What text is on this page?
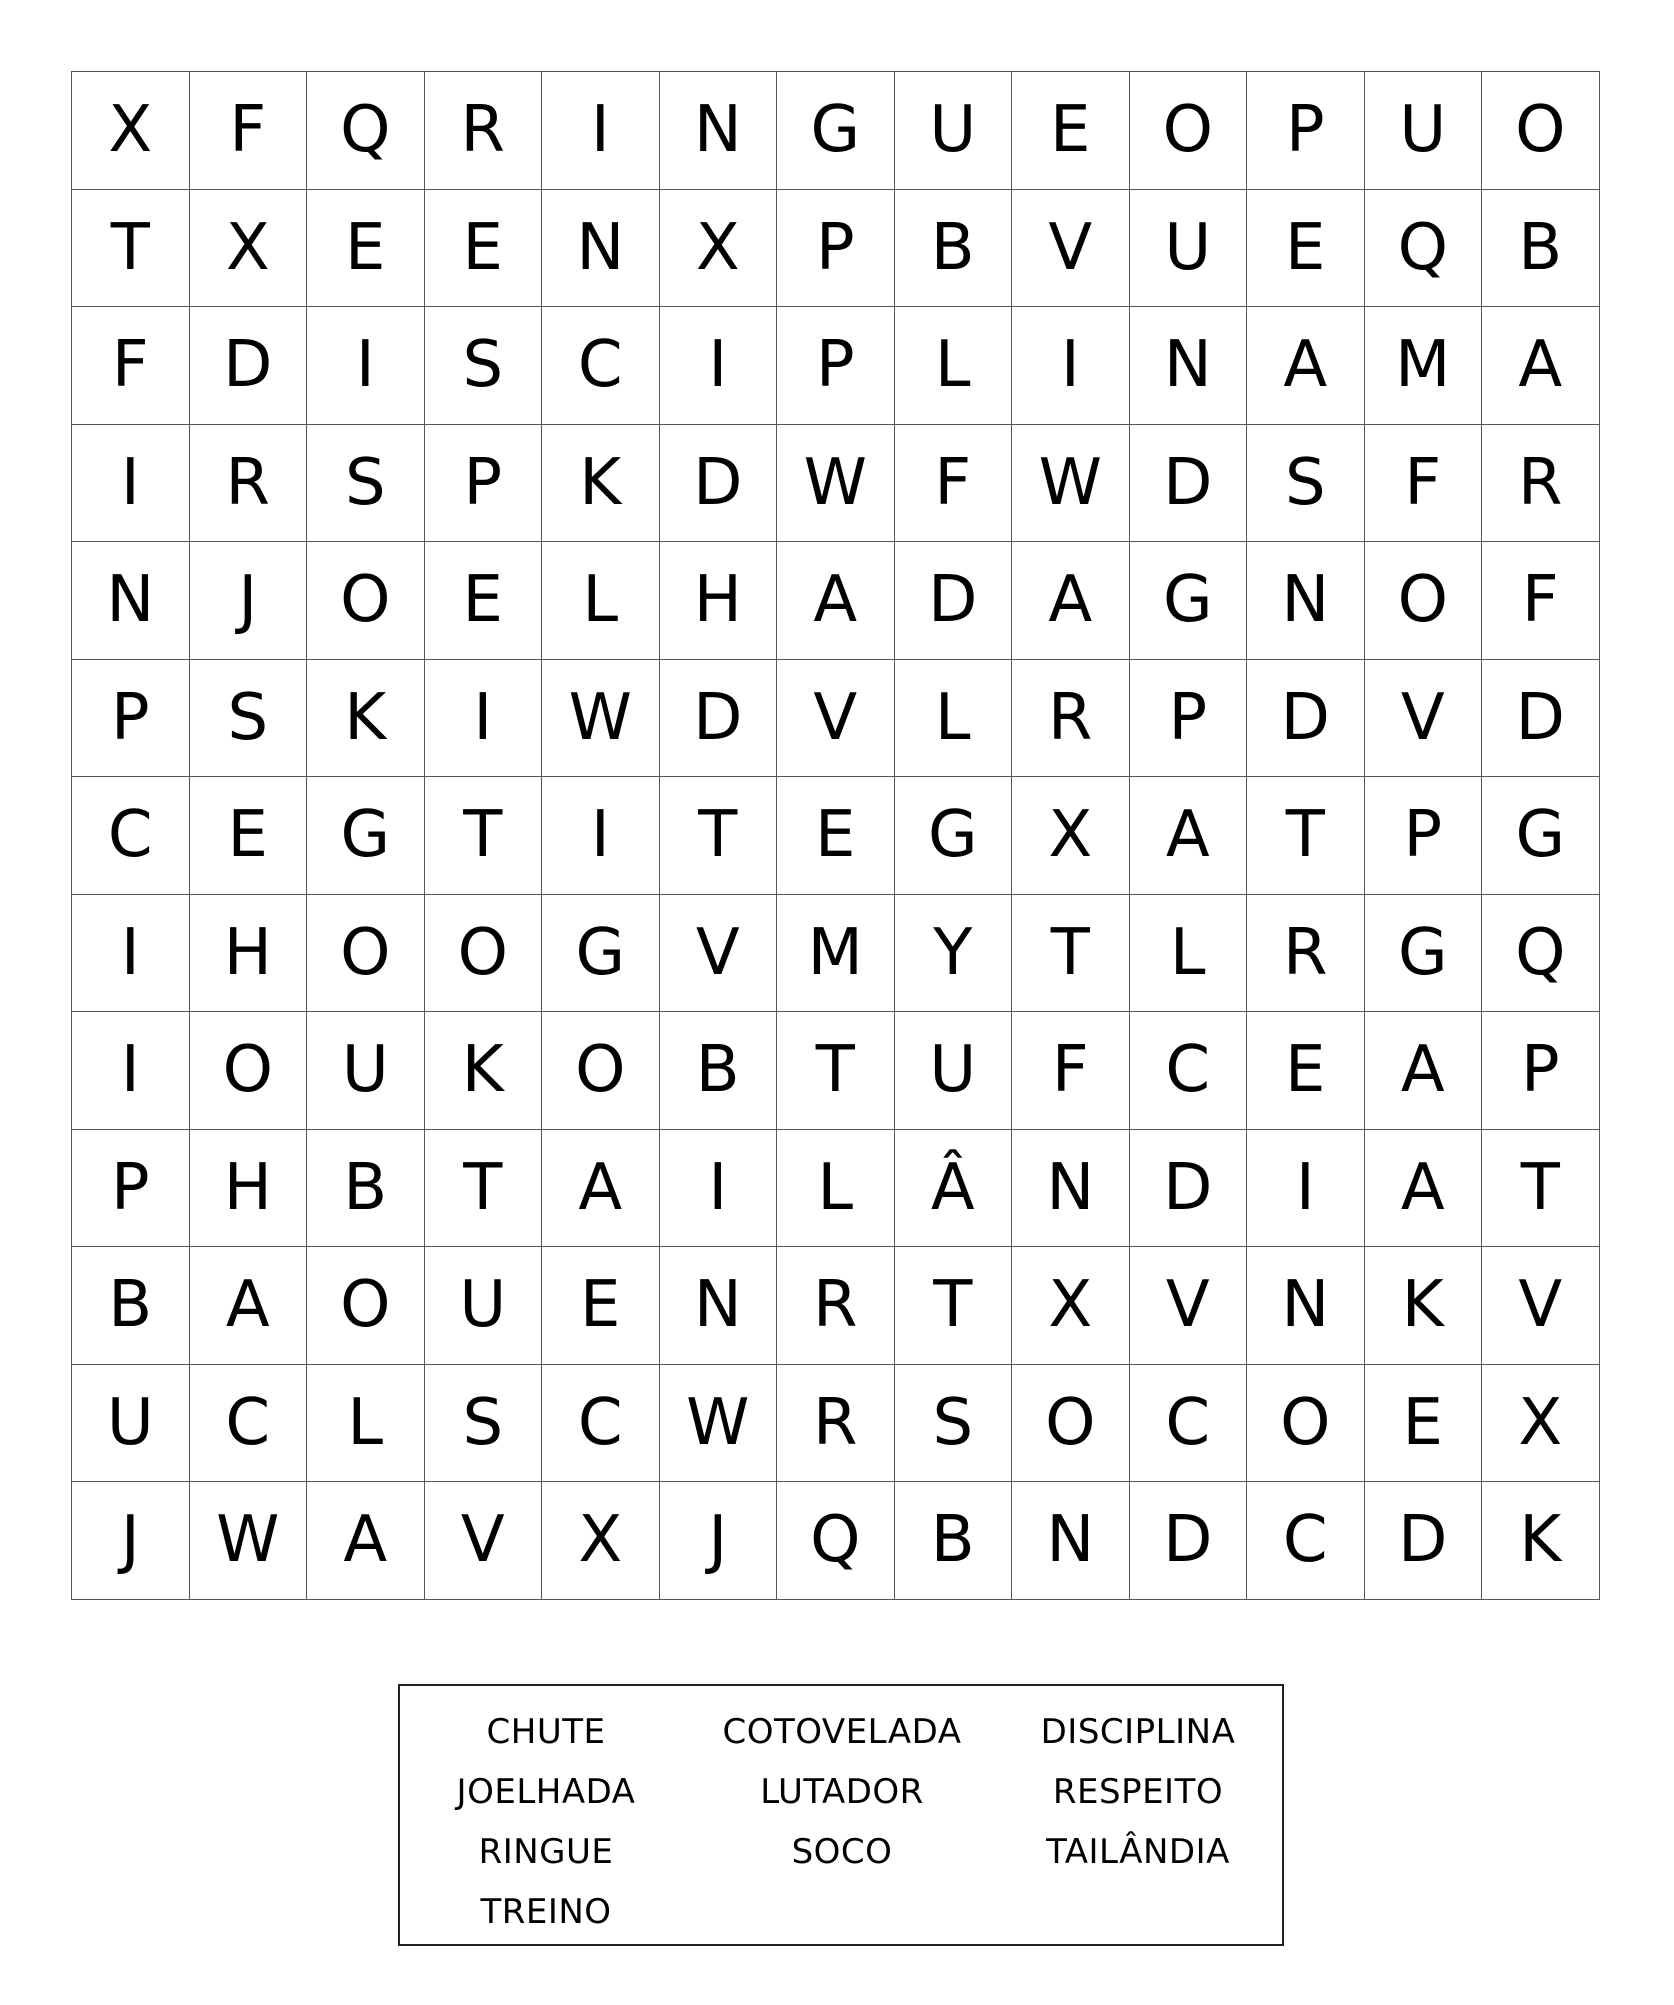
X	F	Q	R	I	N	G	U	E	O	P	U	O
T	X	E	E	N	X	P	B	V	U	E	Q	B
F	D	I	S	C	I	P	L	I	N	A	M	A
I	R	S	P	K	D	W	F	W	D	S	F	R
N	J	O	E	L	H	A	D	A	G	N	O	F
P	S	K	I	W	D	V	L	R	P	D	V	D
C	E	G	T	I	T	E	G	X	A	T	P	G
I	H	O	O	G	V	M	Y	T	L	R	G	Q
I	O	U	K	O	B	T	U	F	C	E	A	P
P	H	B	T	A	I	L	Â	N	D	I	A	T
B	A	O	U	E	N	R	T	X	V	N	K	V
U	C	L	S	C	W	R	S	O	C	O	E	X
J	W	A	V	X	J	Q	B	N	D	C	D	K
CHUTE	COTOVELADA	DISCIPLINA
JOELHADA	LUTADOR	RESPEITO
RINGUE	SOCO	TAILÂNDIA
TREINO
